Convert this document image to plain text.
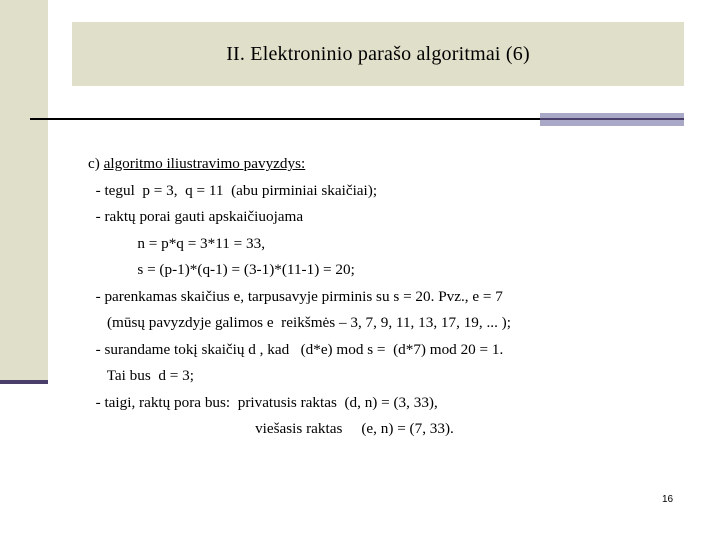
II. Elektroninio parašo algoritmai (6)
c) algoritmo iliustravimo pavyzdys:
- tegul  p = 3,  q = 11  (abu pirminiai skaičiai);
- raktų porai gauti apskaičiuojama
n = p*q = 3*11 = 33,
s = (p-1)*(q-1) = (3-1)*(11-1) = 20;
- parenkamas skaičius e, tarpusavyje pirminis su s = 20. Pvz., e = 7
(mūsų pavyzdyje galimos e  reikšmės – 3, 7, 9, 11, 13, 17, 19, ... );
- surandame tokį skaičių d , kad   (d*e) mod s =  (d*7) mod 20 = 1.
Tai bus  d = 3;
- taigi, raktų pora bus:  privatusis raktas  (d, n) = (3, 33),
viešasis raktas     (e, n) = (7, 33).
16
